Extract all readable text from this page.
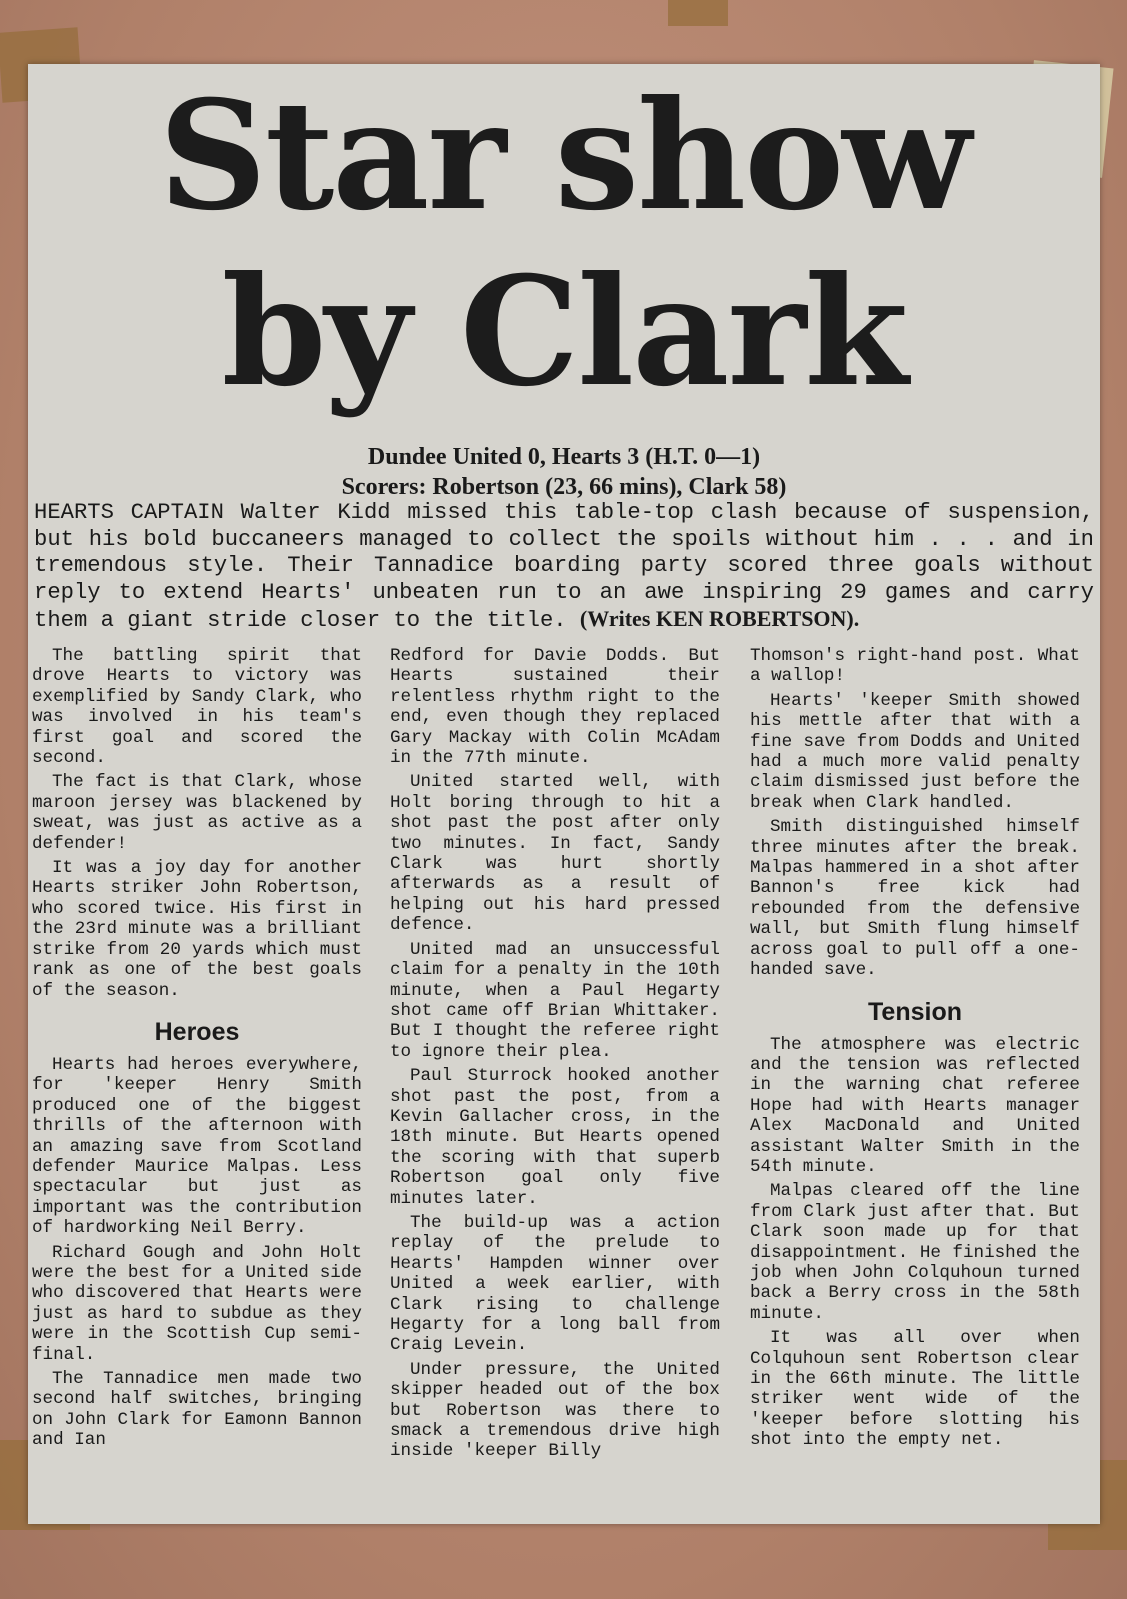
Star show
by Clark
Dundee United 0, Hearts 3 (H.T. 0—1)
Scorers: Robertson (23, 66 mins), Clark 58)
HEARTS CAPTAIN Walter Kidd missed this table-top clash because of suspension, but his bold buccaneers managed to collect the spoils without him . . . and in tremendous style. Their Tannadice boarding party scored three goals without reply to extend Hearts' unbeaten run to an awe inspiring 29 games and carry them a giant stride closer to the title. (Writes KEN ROBERTSON).

The battling spirit that drove Hearts to victory was exemplified by Sandy Clark, who was involved in his team's first goal and scored the second.

The fact is that Clark, whose maroon jersey was blackened by sweat, was just as active as a defender!

It was a joy day for another Hearts striker John Robertson, who scored twice. His first in the 23rd minute was a brilliant strike from 20 yards which must rank as one of the best goals of the season.

Heroes

Hearts had heroes everywhere, for 'keeper Henry Smith produced one of the biggest thrills of the afternoon with an amazing save from Scotland defender Maurice Malpas. Less spectacular but just as important was the contribution of hardworking Neil Berry.

Richard Gough and John Holt were the best for a United side who discovered that Hearts were just as hard to subdue as they were in the Scottish Cup semi-final.

The Tannadice men made two second half switches, bringing on John Clark for Eamonn Bannon and Ian

Redford for Davie Dodds. But Hearts sustained their relentless rhythm right to the end, even though they replaced Gary Mackay with Colin McAdam in the 77th minute.

United started well, with Holt boring through to hit a shot past the post after only two minutes. In fact, Sandy Clark was hurt shortly afterwards as a result of helping out his hard pressed defence.

United mad an unsuccessful claim for a penalty in the 10th minute, when a Paul Hegarty shot came off Brian Whittaker. But I thought the referee right to ignore their plea.

Paul Sturrock hooked another shot past the post, from a Kevin Gallacher cross, in the 18th minute. But Hearts opened the scoring with that superb Robertson goal only five minutes later.

The build-up was a action replay of the prelude to Hearts' Hampden winner over United a week earlier, with Clark rising to challenge Hegarty for a long ball from Craig Levein.

Under pressure, the United skipper headed out of the box but Robertson was there to smack a tremendous drive high inside 'keeper Billy

Thomson's right-hand post. What a wallop!

Hearts' 'keeper Smith showed his mettle after that with a fine save from Dodds and United had a much more valid penalty claim dismissed just before the break when Clark handled.

Smith distinguished himself three minutes after the break. Malpas hammered in a shot after Bannon's free kick had rebounded from the defensive wall, but Smith flung himself across goal to pull off a one-handed save.

Tension

The atmosphere was electric and the tension was reflected in the warning chat referee Hope had with Hearts manager Alex MacDonald and United assistant Walter Smith in the 54th minute.

Malpas cleared off the line from Clark just after that. But Clark soon made up for that disappointment. He finished the job when John Colquhoun turned back a Berry cross in the 58th minute.

It was all over when Colquhoun sent Robertson clear in the 66th minute. The little striker went wide of the 'keeper before slotting his shot into the empty net.
